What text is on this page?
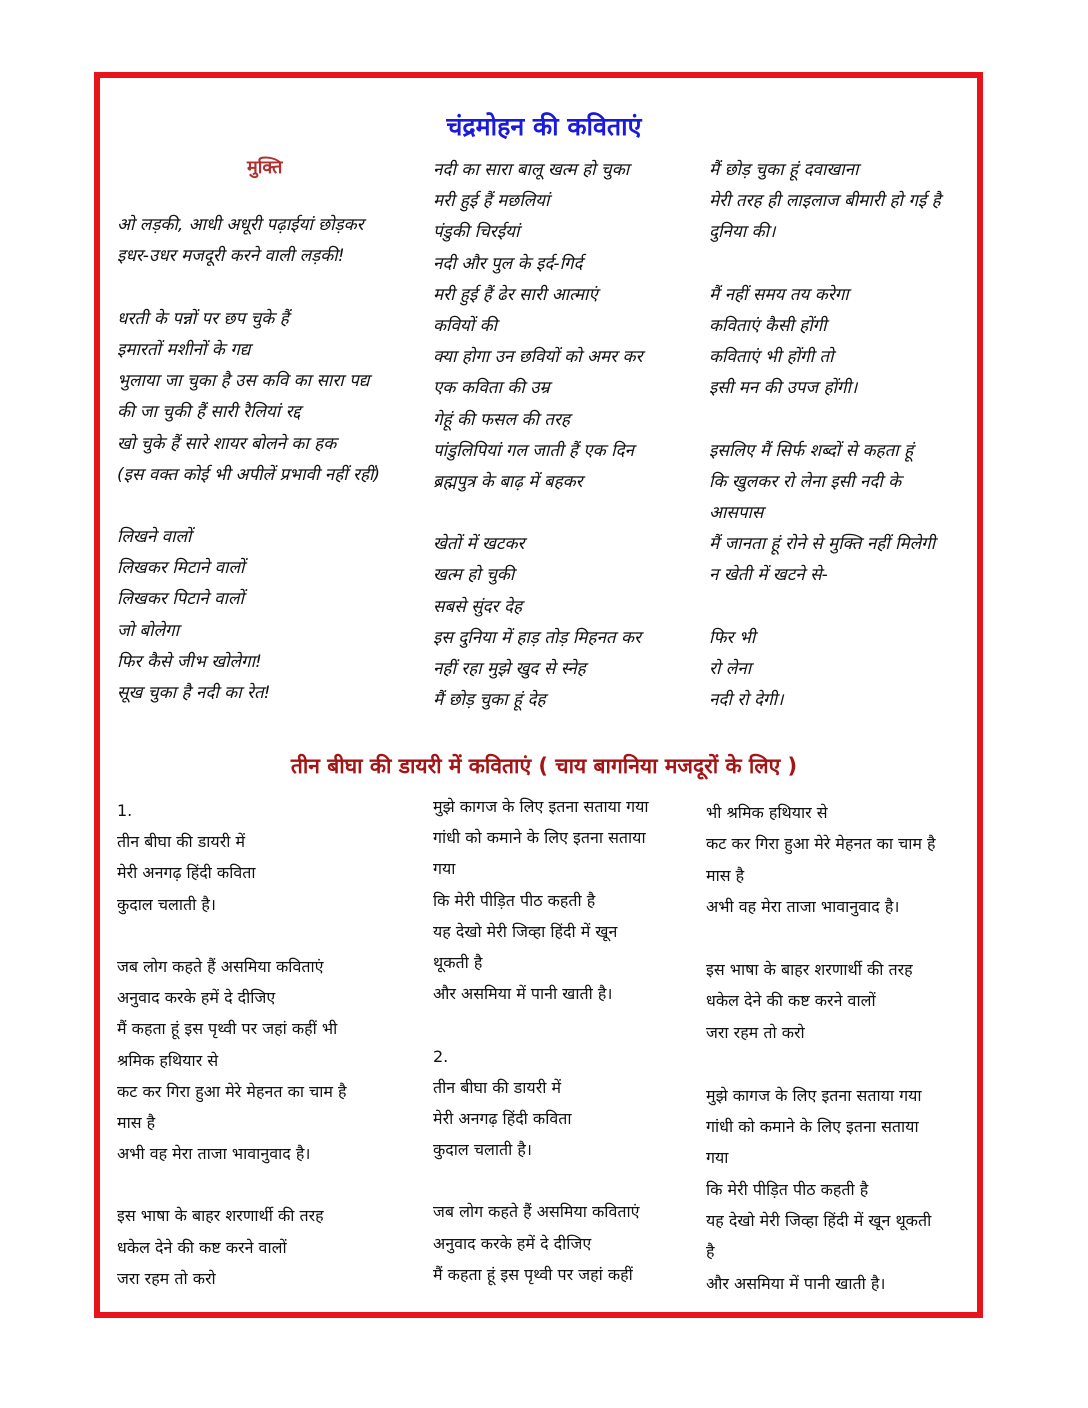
चंद्रमोहन की कविताएं
मुक्ति
ओ लड़की, आधी अधूरी पढ़ाईयां छोड़कर
इधर-उधर मजदूरी करने वाली लड़की!
धरती के पन्नों पर छप चुके हैं
इमारतों मशीनों के गद्य
भुलाया जा चुका है उस कवि का सारा पद्य
की जा चुकी हैं सारी रैलियां रद्द
खो चुके हैं सारे शायर बोलने का हक
(इस वक्त कोई भी अपीलें प्रभावी नहीं रहीं)
लिखने वालों
लिखकर मिटाने वालों
लिखकर पिटाने वालों
जो बोलेगा
फिर कैसे जीभ खोलेगा!
सूख चुका है नदी का रेत!
नदी का सारा बालू खत्म हो चुका
मरी हुई हैं मछलियां
पंडुकी चिरईयां
नदी और पुल के इर्द-गिर्द
मरी हुई हैं ढेर सारी आत्माएं
कवियों की
क्या होगा उन छवियों को अमर कर
एक कविता की उम्र
गेहूं की फसल की तरह
पांडुलिपियां गल जाती हैं एक दिन
ब्रह्मपुत्र के बाढ़ में बहकर
खेतों में खटकर
खत्म हो चुकी
सबसे सुंदर देह
इस दुनिया में हाड़ तोड़ मिहनत कर
नहीं रहा मुझे खुद से स्नेह
मैं छोड़ चुका हूं देह
मैं छोड़ चुका हूं दवाखाना
मेरी तरह ही लाइलाज बीमारी हो गई है
दुनिया की।
मैं नहीं समय तय करेगा
कविताएं कैसी होंगी
कविताएं भी होंगी तो
इसी मन की उपज होंगी।
इसलिए मैं सिर्फ शब्दों से कहता हूं
कि खुलकर रो लेना इसी नदी के
आसपास
मैं जानता हूं रोने से मुक्ति नहीं मिलेगी
न खेती में खटने से-
फिर भी
रो लेना
नदी रो देगी।
तीन बीघा की डायरी में कविताएं ( चाय बागनिया मजदूरों के लिए )
1.
तीन बीघा की डायरी में
मेरी अनगढ़ हिंदी कविता
कुदाल चलाती है।
जब लोग कहते हैं असमिया कविताएं
अनुवाद करके हमें दे दीजिए
मैं कहता हूं इस पृथ्वी पर जहां कहीं भी
श्रमिक हथियार से
कट कर गिरा हुआ मेरे मेहनत का चाम है
मास है
अभी वह मेरा ताजा भावानुवाद है।
इस भाषा के बाहर शरणार्थी की तरह
धकेल देने की कष्ट करने वालों
जरा रहम तो करो
मुझे कागज के लिए इतना सताया गया
गांधी को कमाने के लिए इतना सताया
गया
कि मेरी पीड़ित पीठ कहती है
यह देखो मेरी जिव्हा हिंदी में खून
थूकती है
और असमिया में पानी खाती है।
2.
तीन बीघा की डायरी में
मेरी अनगढ़ हिंदी कविता
कुदाल चलाती है।
जब लोग कहते हैं असमिया कविताएं
अनुवाद करके हमें दे दीजिए
मैं कहता हूं इस पृथ्वी पर जहां कहीं
भी श्रमिक हथियार से
कट कर गिरा हुआ मेरे मेहनत का चाम है
मास है
अभी वह मेरा ताजा भावानुवाद है।
इस भाषा के बाहर शरणार्थी की तरह
धकेल देने की कष्ट करने वालों
जरा रहम तो करो
मुझे कागज के लिए इतना सताया गया
गांधी को कमाने के लिए इतना सताया
गया
कि मेरी पीड़ित पीठ कहती है
यह देखो मेरी जिव्हा हिंदी में खून थूकती
है
और असमिया में पानी खाती है।
